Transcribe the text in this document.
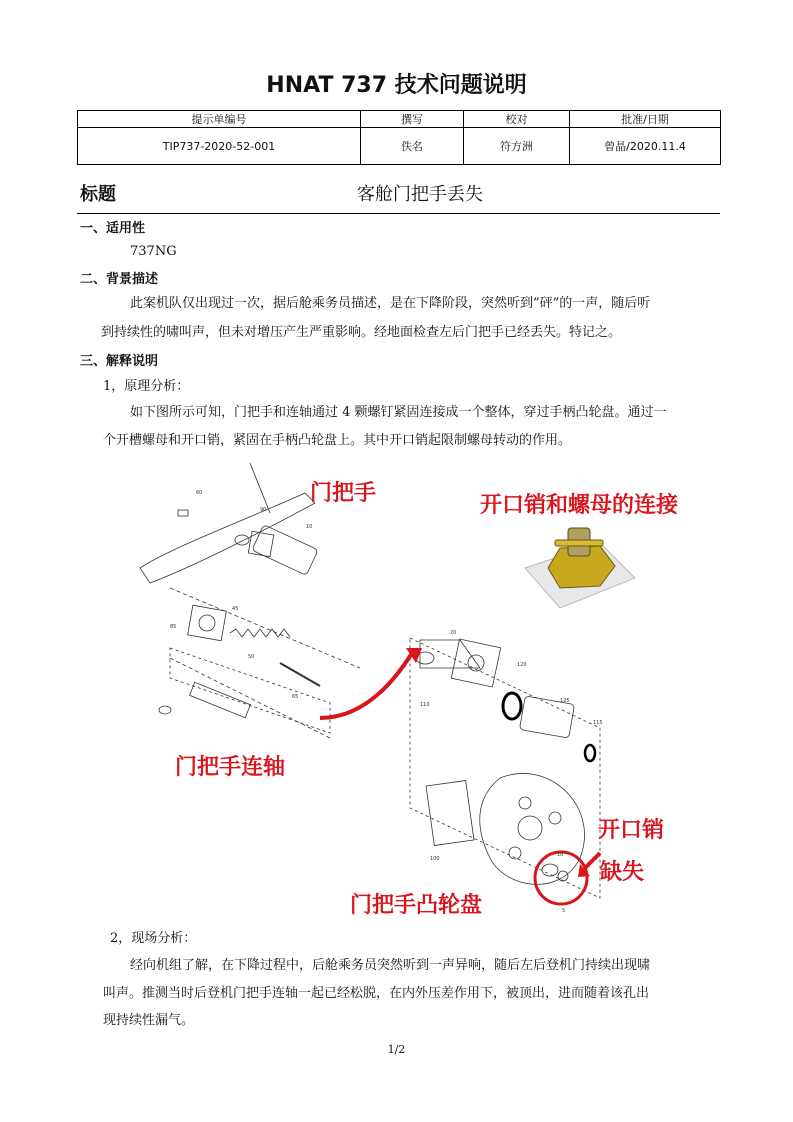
HNAT 737 技术问题说明
提示单编号	撰写	校对	批准/日期
TIP737-2020-52-001	佚名	符方洲	曾晶/2020.11.4
标题	客舱门把手丢失
一、适用性
737NG
二、背景描述
此案机队仅出现过一次，据后舱乘务员描述，是在下降阶段，突然听到”砰”的一声，随后听
到持续性的啸叫声，但未对增压产生严重影响。经地面检查左后门把手已经丢失。特记之。
三、解释说明
1，原理分析：
如下图所示可知，门把手和连轴通过 4 颗螺钉紧固连接成一个整体，穿过手柄凸轮盘。通过一
个开槽螺母和开口销，紧固在手柄凸轮盘上。其中开口销起限制螺母转动的作用。
60
90
10
45
85
50
65
20
120
125
115
110
100
10
5
门把手	开口销和螺母的连接
门把手连轴
开口销
缺失
门把手凸轮盘
2，现场分析：
经向机组了解，在下降过程中，后舱乘务员突然听到一声异响，随后左后登机门持续出现啸
叫声。推测当时后登机门把手连轴一起已经松脱，在内外压差作用下，被顶出，进而随着该孔出
现持续性漏气。
1/2
